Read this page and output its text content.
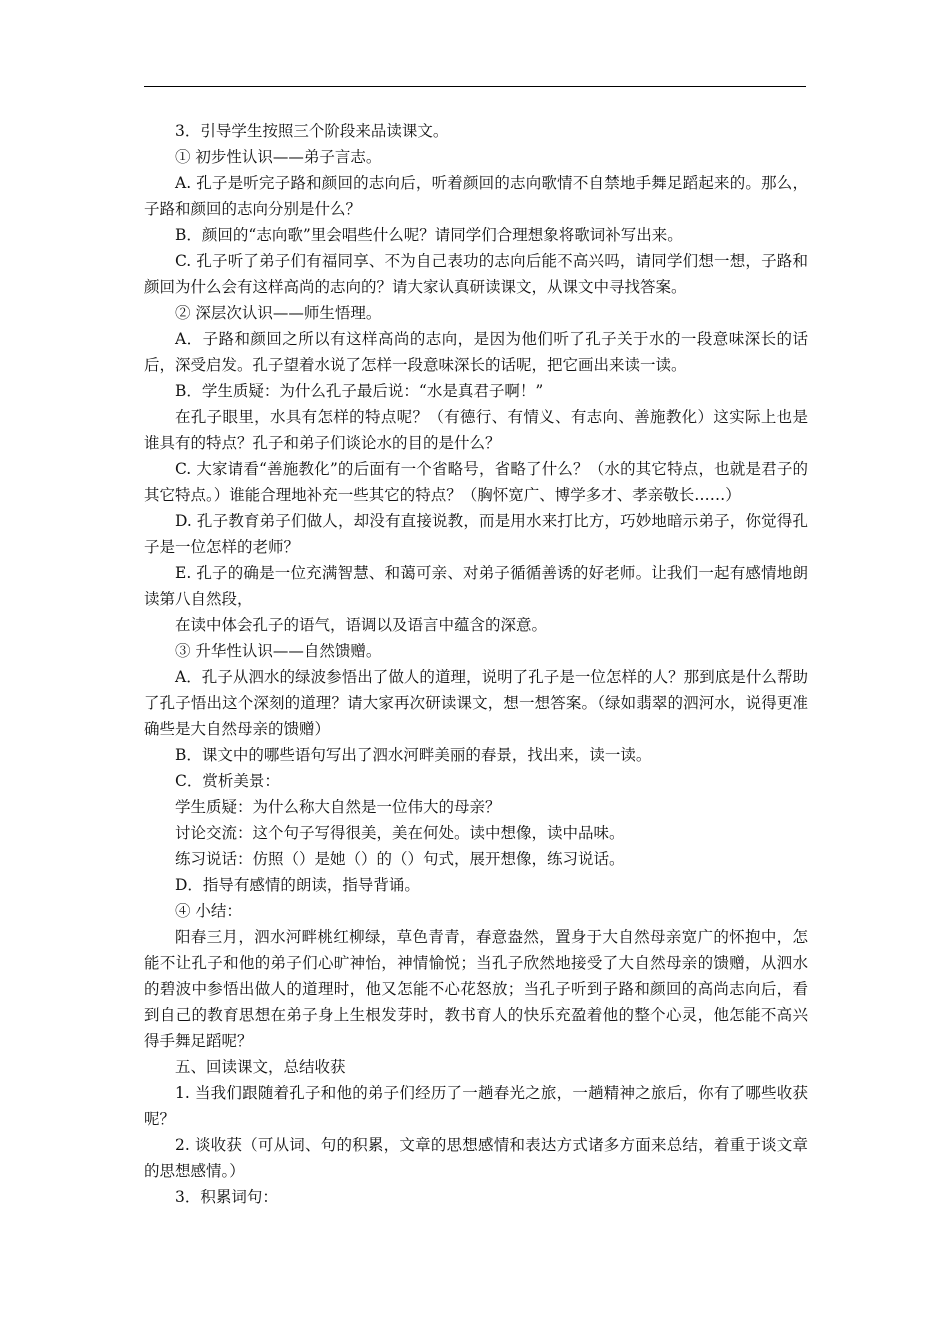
3．引导学生按照三个阶段来品读课文。

① 初步性认识——弟子言志。

A. 孔子是听完子路和颜回的志向后，听着颜回的志向歌情不自禁地手舞足蹈起来的。那么，子路和颜回的志向分别是什么？

B．颜回的“志向歌”里会唱些什么呢？请同学们合理想象将歌词补写出来。

C. 孔子听了弟子们有福同享、不为自己表功的志向后能不高兴吗，请同学们想一想，子路和颜回为什么会有这样高尚的志向的？请大家认真研读课文，从课文中寻找答案。

② 深层次认识——师生悟理。

A．子路和颜回之所以有这样高尚的志向，是因为他们听了孔子关于水的一段意味深长的话后，深受启发。孔子望着水说了怎样一段意味深长的话呢，把它画出来读一读。

B．学生质疑：为什么孔子最后说：“水是真君子啊！”

在孔子眼里，水具有怎样的特点呢？（有德行、有情义、有志向、善施教化）这实际上也是谁具有的特点？孔子和弟子们谈论水的目的是什么？

C. 大家请看“善施教化”的后面有一个省略号，省略了什么？（水的其它特点，也就是君子的其它特点。）谁能合理地补充一些其它的特点？（胸怀宽广、博学多才、孝亲敬长……）

D. 孔子教育弟子们做人，却没有直接说教，而是用水来打比方，巧妙地暗示弟子，你觉得孔子是一位怎样的老师？

E. 孔子的确是一位充满智慧、和蔼可亲、对弟子循循善诱的好老师。让我们一起有感情地朗读第八自然段，

在读中体会孔子的语气，语调以及语言中蕴含的深意。

③ 升华性认识——自然馈赠。

A．孔子从泗水的绿波参悟出了做人的道理，说明了孔子是一位怎样的人？那到底是什么帮助了孔子悟出这个深刻的道理？请大家再次研读课文，想一想答案。（绿如翡翠的泗河水，说得更准确些是大自然母亲的馈赠）

B．课文中的哪些语句写出了泗水河畔美丽的春景，找出来，读一读。

C．赏析美景：

学生质疑：为什么称大自然是一位伟大的母亲？

讨论交流：这个句子写得很美，美在何处。读中想像，读中品味。

练习说话：仿照（）是她（）的（）句式，展开想像，练习说话。

D．指导有感情的朗读，指导背诵。

④ 小结：

阳春三月，泗水河畔桃红柳绿，草色青青，春意盎然，置身于大自然母亲宽广的怀抱中，怎能不让孔子和他的弟子们心旷神怡，神情愉悦；当孔子欣然地接受了大自然母亲的馈赠，从泗水的碧波中参悟出做人的道理时，他又怎能不心花怒放；当孔子听到子路和颜回的高尚志向后，看到自己的教育思想在弟子身上生根发芽时，教书育人的快乐充盈着他的整个心灵，他怎能不高兴得手舞足蹈呢？

五、回读课文，总结收获

1. 当我们跟随着孔子和他的弟子们经历了一趟春光之旅，一趟精神之旅后，你有了哪些收获呢？

2. 谈收获（可从词、句的积累，文章的思想感情和表达方式诸多方面来总结，着重于谈文章的思想感情。）

3．积累词句：
